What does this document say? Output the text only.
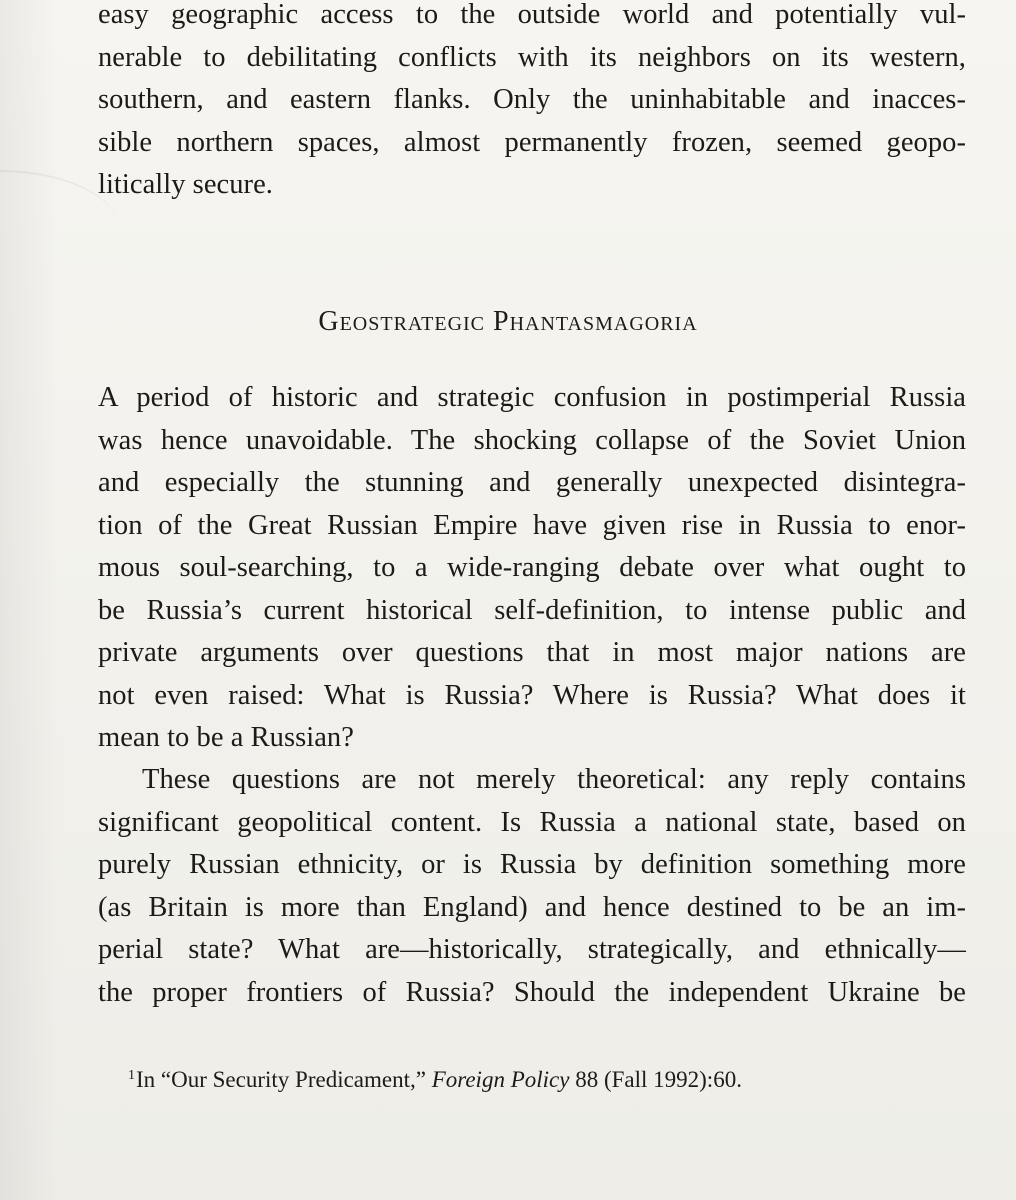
easy geographic access to the outside world and potentially vul-
nerable to debilitating conflicts with its neighbors on its western,
southern, and eastern flanks. Only the uninhabitable and inacces-
sible northern spaces, almost permanently frozen, seemed geopo-
litically secure.
Geostrategic Phantasmagoria
A period of historic and strategic confusion in postimperial Russia
was hence unavoidable. The shocking collapse of the Soviet Union
and especially the stunning and generally unexpected disintegra-
tion of the Great Russian Empire have given rise in Russia to enor-
mous soul-searching, to a wide-ranging debate over what ought to
be Russia’s current historical self-definition, to intense public and
private arguments over questions that in most major nations are
not even raised: What is Russia? Where is Russia? What does it
mean to be a Russian?
These questions are not merely theoretical: any reply contains
significant geopolitical content. Is Russia a national state, based on
purely Russian ethnicity, or is Russia by definition something more
(as Britain is more than England) and hence destined to be an im-
perial state? What are—historically, strategically, and ethnically—
the proper frontiers of Russia? Should the independent Ukraine be
$^1$In “Our Security Predicament,” Foreign Policy 88 (Fall 1992):60.
